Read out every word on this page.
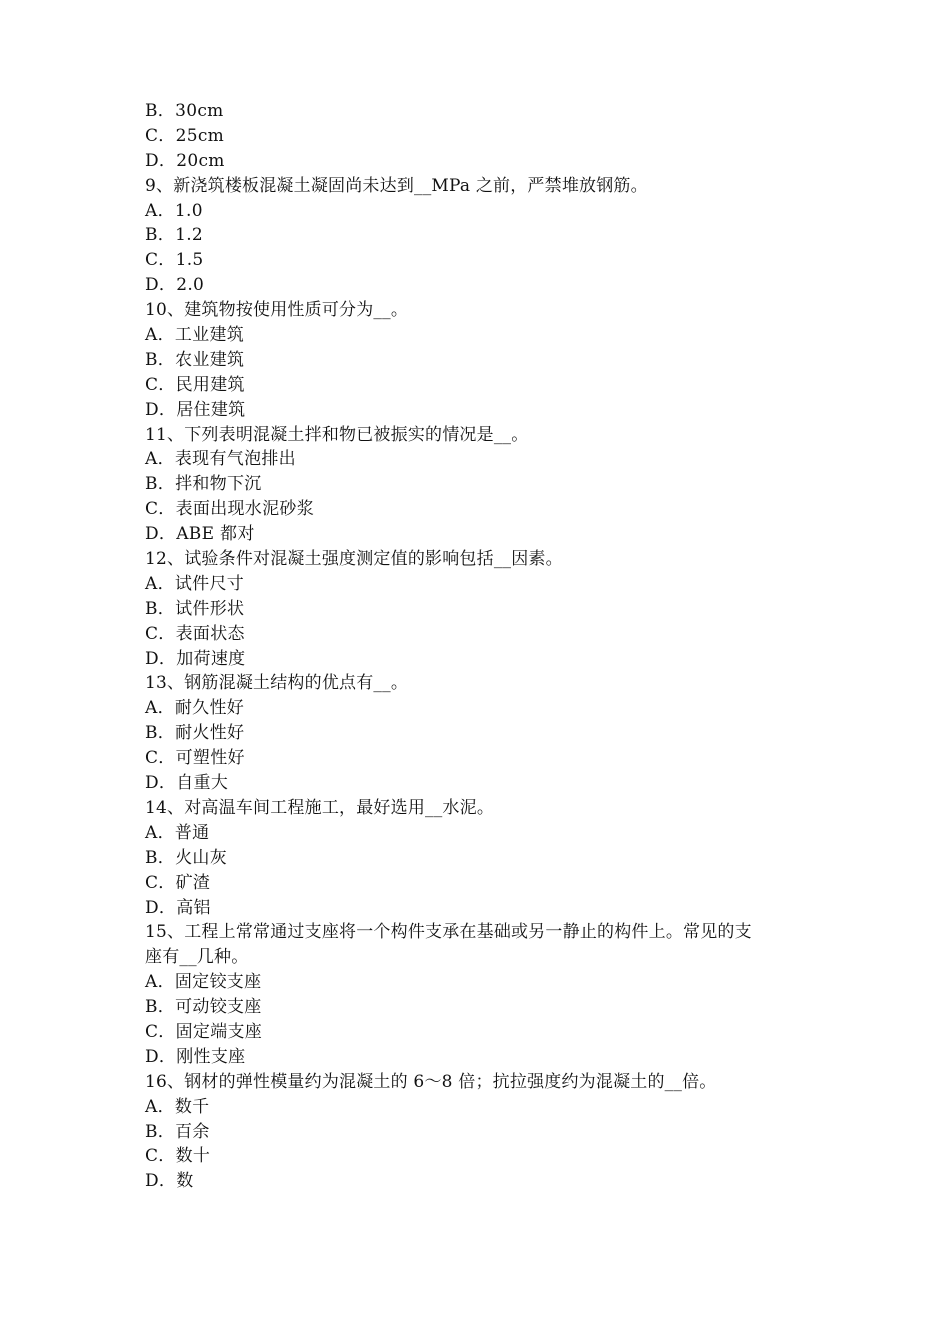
B．30cm
C．25cm
D．20cm
9、新浇筑楼板混凝土凝固尚未达到__MPa 之前，严禁堆放钢筋。
A．1.0
B．1.2
C．1.5
D．2.0
10、建筑物按使用性质可分为__。
A．工业建筑
B．农业建筑
C．民用建筑
D．居住建筑
11、下列表明混凝土拌和物已被振实的情况是__。
A．表现有气泡排出
B．拌和物下沉
C．表面出现水泥砂浆
D．ABE 都对
12、试验条件对混凝土强度测定值的影响包括__因素。
A．试件尺寸
B．试件形状
C．表面状态
D．加荷速度
13、钢筋混凝土结构的优点有__。
A．耐久性好
B．耐火性好
C．可塑性好
D．自重大
14、对高温车间工程施工，最好选用__水泥。
A．普通
B．火山灰
C．矿渣
D．高铝
15、工程上常常通过支座将一个构件支承在基础或另一静止的构件上。常见的支
座有__几种。
A．固定铰支座
B．可动铰支座
C．固定端支座
D．刚性支座
16、钢材的弹性模量约为混凝土的 6～8 倍；抗拉强度约为混凝土的__倍。
A．数千
B．百余
C．数十
D．数
